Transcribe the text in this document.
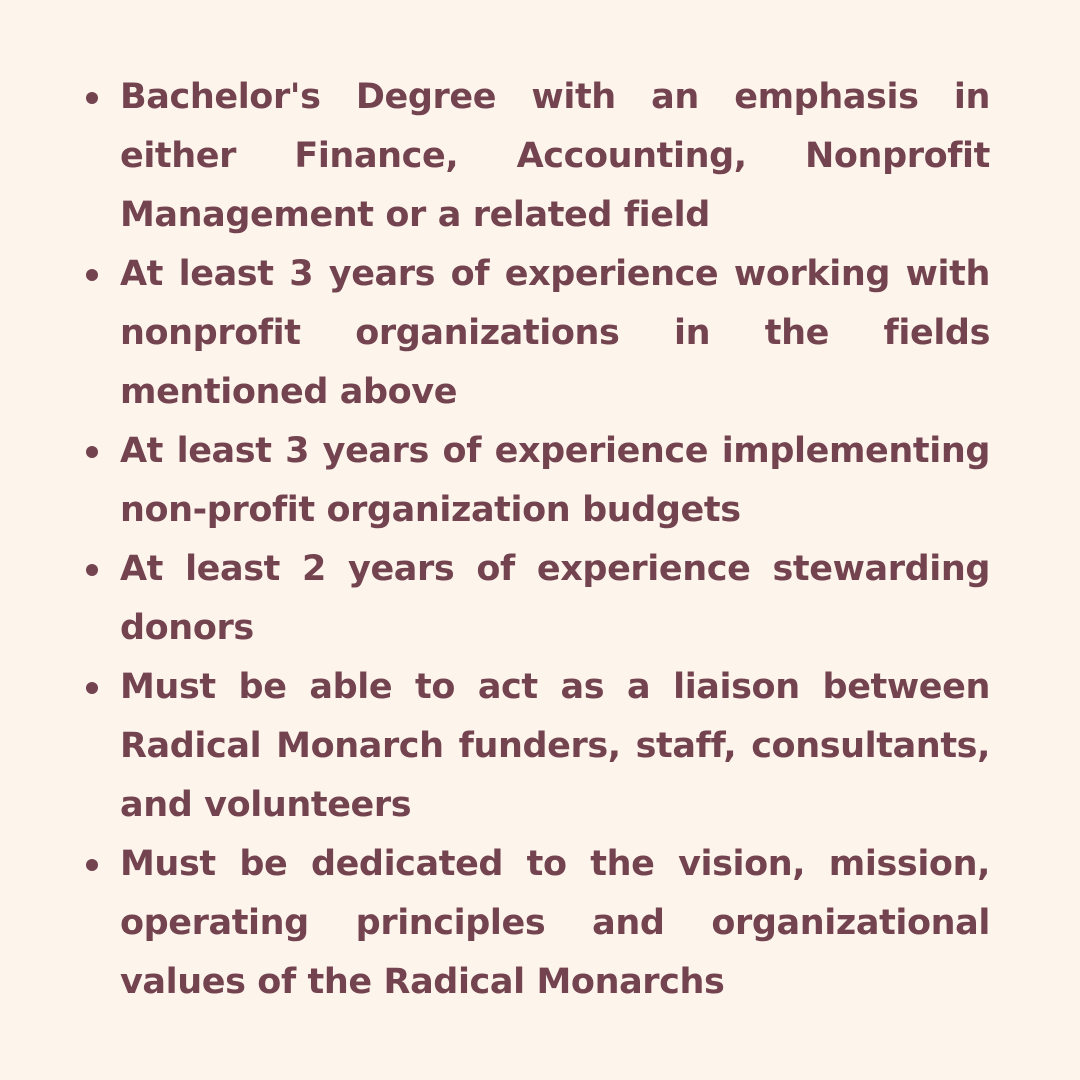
Bachelor's Degree with an emphasis in either Finance, Accounting, Nonprofit Management or a related field
At least 3 years of experience working with nonprofit organizations in the fields mentioned above
At least 3 years of experience implementing non-profit organization budgets
At least 2 years of experience stewarding donors
Must be able to act as a liaison between Radical Monarch funders, staff, consultants, and volunteers
Must be dedicated to the vision, mission, operating principles and organizational values of the Radical Monarchs
